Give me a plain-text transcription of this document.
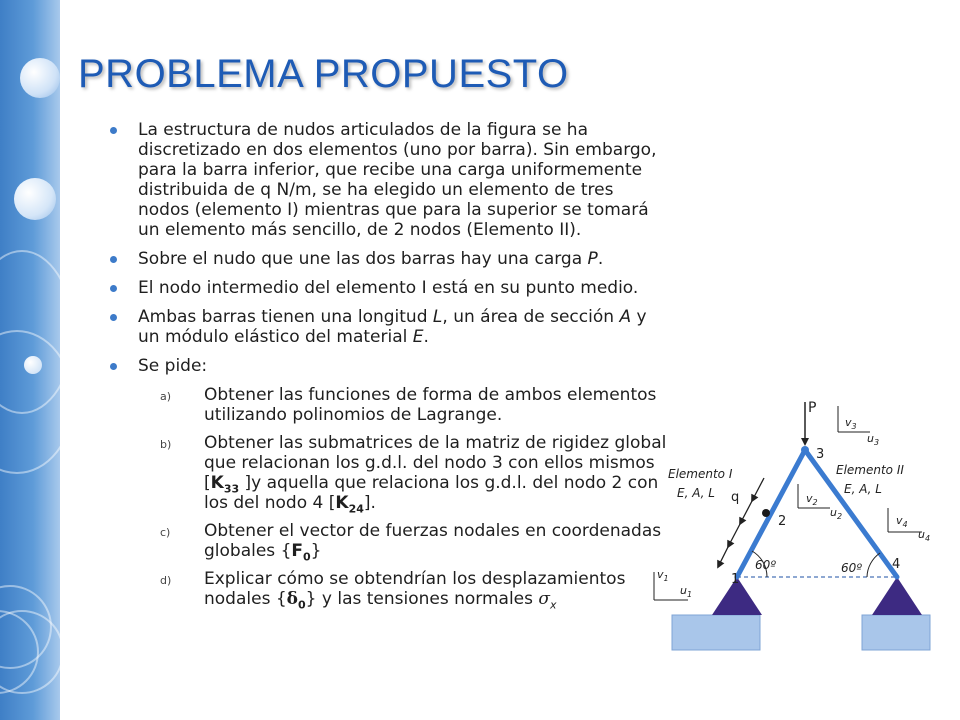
PROBLEMA PROPUESTO
La estructura de nudos articulados de la figura se ha discretizado en dos elementos (uno por barra). Sin embargo, para la barra inferior, que recibe una carga uniformemente distribuida de q N/m, se ha elegido un elemento de tres nodos (elemento I) mientras que para la superior se tomará un elemento más sencillo, de 2 nodos (Elemento II).
Sobre el nudo que une las dos barras hay una carga P.
El nodo intermedio del elemento I está en su punto medio.
Ambas barras tienen una longitud L, un área de sección A y un módulo elástico del material E.
Se pide:
a) Obtener las funciones de forma de ambos elementos utilizando polinomios de Lagrange.
b) Obtener las submatrices de la matriz de rigidez global que relacionan los g.d.l. del nodo 3 con ellos mismos [$K_{33}$ ]y aquella que relaciona los g.d.l. del nodo 2 con los del nodo 4 $[K_{24}]$.
c) Obtener el vector de fuerzas nodales en coordenadas globales $\{F_0\}$
d) Explicar cómo se obtendrían los desplazamientos nodales $\{\delta_0\}$ y las tensiones normales $\sigma_x$
P
1
2
3
4
Elemento I
E, A, L q
Elemento II
E, A, L
60º	60º
$v_1$
$u_1$
$v_2$
$u_2$
$v_3$
$u_3$
$v_4$
$u_4$
